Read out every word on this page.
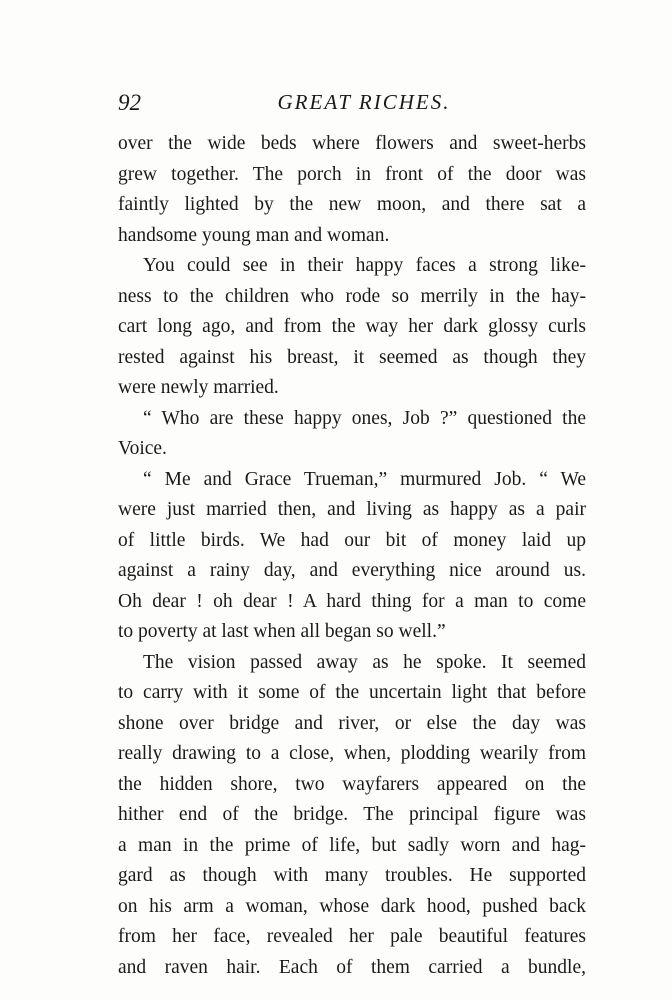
92	GREAT RICHES.
over the wide beds where flowers and sweet-herbs
grew together. The porch in front of the door was
faintly lighted by the new moon, and there sat a
handsome young man and woman.
You could see in their happy faces a strong like-
ness to the children who rode so merrily in the hay-
cart long ago, and from the way her dark glossy curls
rested against his breast, it seemed as though they
were newly married.
“ Who are these happy ones, Job ?” questioned the
Voice.
“ Me and Grace Trueman,” murmured Job. “ We
were just married then, and living as happy as a pair
of little birds. We had our bit of money laid up
against a rainy day, and everything nice around us.
Oh dear ! oh dear ! A hard thing for a man to come
to poverty at last when all began so well.”
The vision passed away as he spoke. It seemed
to carry with it some of the uncertain light that before
shone over bridge and river, or else the day was
really drawing to a close, when, plodding wearily from
the hidden shore, two wayfarers appeared on the
hither end of the bridge. The principal figure was
a man in the prime of life, but sadly worn and hag-
gard as though with many troubles. He supported
on his arm a woman, whose dark hood, pushed back
from her face, revealed her pale beautiful features
and raven hair. Each of them carried a bundle,
